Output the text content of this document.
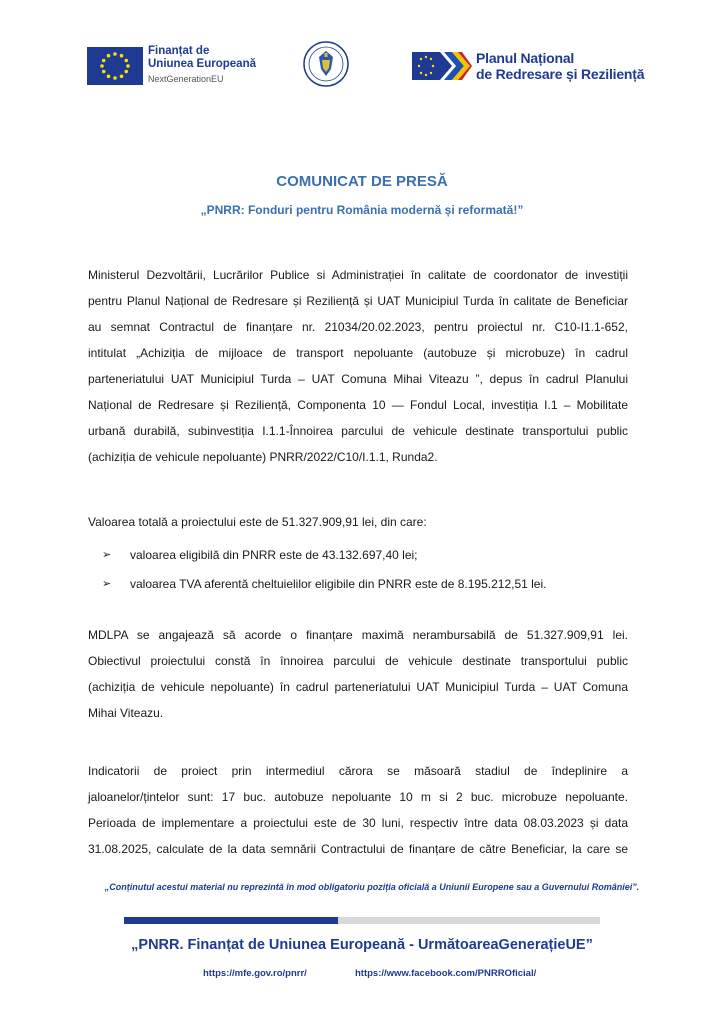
Finanțat de
Uniunea Europeană
NextGenerationEU
Planul Național
de Redresare și Reziliență
COMUNICAT DE PRESĂ

„PNRR: Fonduri pentru România modernă și reformată!”

Ministerul Dezvoltării, Lucrărilor Publice si Administrației în calitate de coordonator de investiții
pentru Planul Național de Redresare și Reziliență și UAT Municipiul Turda în calitate de Beneficiar
au semnat Contractul de finanțare nr. 21034/20.02.2023, pentru proiectul nr. C10-I1.1-652,
intitulat „Achiziția de mijloace de transport nepoluante (autobuze și microbuze) în cadrul
parteneriatului UAT Municipiul Turda – UAT Comuna Mihai Viteazu ”, depus în cadrul Planului
Național de Redresare și Reziliență, Componenta 10 — Fondul Local, investiția I.1 – Mobilitate
urbană durabilă, subinvestiția I.1.1-Înnoirea parcului de vehicule destinate transportului public
(achiziția de vehicule nepoluante) PNRR/2022/C10/I.1.1, Runda2.
Valoarea totală a proiectului este de 51.327.909,91 lei, din care:
➢	valoarea eligibilă din PNRR este de 43.132.697,40 lei;
➢	valoarea TVA aferentă cheltuielilor eligibile din PNRR este de 8.195.212,51 lei.
MDLPA se angajează să acorde o finanțare maximă nerambursabilă de 51.327.909,91 lei.
Obiectivul proiectului constă în înnoirea parcului de vehicule destinate transportului public
(achiziția de vehicule nepoluante) în cadrul parteneriatului UAT Municipiul Turda – UAT Comuna
Mihai Viteazu.
Indicatorii de proiect prin intermediul cărora se măsoară stadiul de îndeplinire a
jaloanelor/țintelor sunt: 17 buc. autobuze nepoluante 10 m si 2 buc. microbuze nepoluante.
Perioada de implementare a proiectului este de 30 luni, respectiv între data 08.03.2023 și data
31.08.2025, calculate de la data semnării Contractului de finanțare de către Beneficiar, la care se
„Conținutul acestui material nu reprezintă în mod obligatoriu poziția oficială a Uniunii Europene sau a Guvernului României”.
„PNRR. Finanțat de Uniunea Europeană - UrmătoareaGenerațieUE”
https://mfe.gov.ro/pnrr/	https://www.facebook.com/PNRROficial/
